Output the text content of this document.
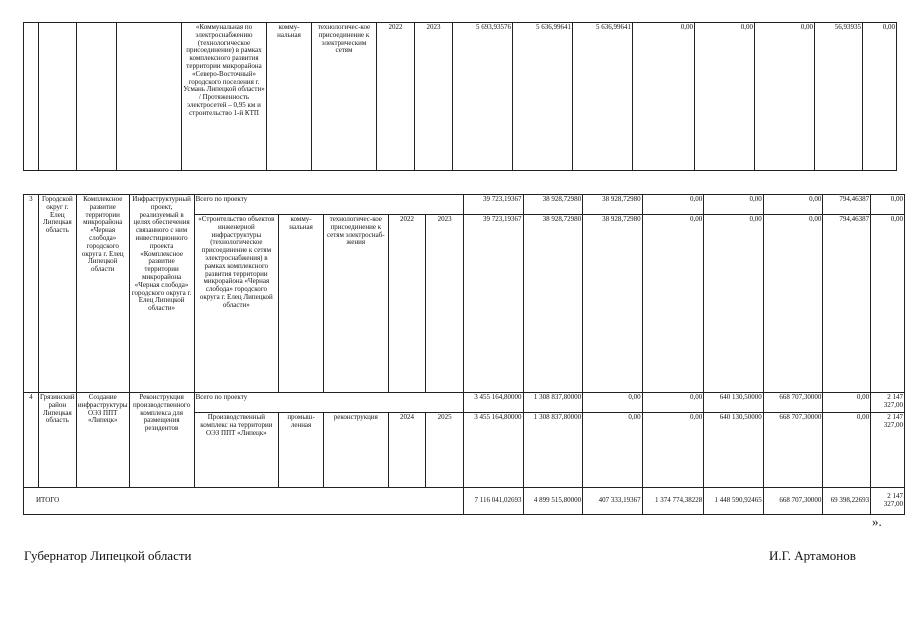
				«Коммунальная по электроснабжению (технологическое присоединение) в рамках комплексного развития территории микрорайона «Северо-Восточный» городского поселения г. Усмань Липецкой области» / Протяженность электросетей – 0,95 км и строительство 1-й КТП	комму-нальная	технологичес-кое присоединение к электрическим сетям	2022	2023	5 693,93576	5 636,99641	5 636,99641	0,00	0,00	0,00	56,93935	0,00
3	Городской округ г. Елец Липецкая область	Комплексное развитие территории микрорайона «Черная слобода» городского округа г. Елец Липецкой области	Инфраструктурный проект, реализуемый в целях обеспечения связанного с ним инвестиционного проекта «Комплексное развитие территории микрорайона «Черная слобода» городского округа г. Елец Липецкой области»	Всего по проекту					39 723,19367	38 928,72980	38 928,72980	0,00	0,00	0,00	794,46387	0,00
				«Строительство объектов инженерной инфраструктуры (технологическое присоединение к сетям электроснабжения) в рамках комплексного развития территории микрорайона «Черная слобода» городского округа г. Елец Липецкой области»	комму-нальная	технологичес-кое присоединение к сетям электроснаб-жения	2022	2023	39 723,19367	38 928,72980	38 928,72980	0,00	0,00	0,00	794,46387	0,00
4	Грязинский район Липецкая область	Создание инфраструктуры ОЭЗ ППТ «Липецк»	Реконструкция производственного комплекса для размещения резидентов	Всего по проекту					3 455 164,80000	1 308 837,80000	0,00	0,00	640 130,50000	668 707,30000	0,00	2 147 327,00
				Производственный комплекс на территории ОЭЗ ППТ «Липецк»	промыш-ленная	реконструкция	2024	2025	3 455 164,80000	1 308 837,80000	0,00	0,00	640 130,50000	668 707,30000	0,00	2 147 327,00
ИТОГО									7 116 041,02693	4 899 515,80000	407 333,19367	1 374 774,38228	1 448 590,92465	668 707,30000	69 398,22693	2 147 327,00
».
Губернатор Липецкой области	И.Г. Артамонов
